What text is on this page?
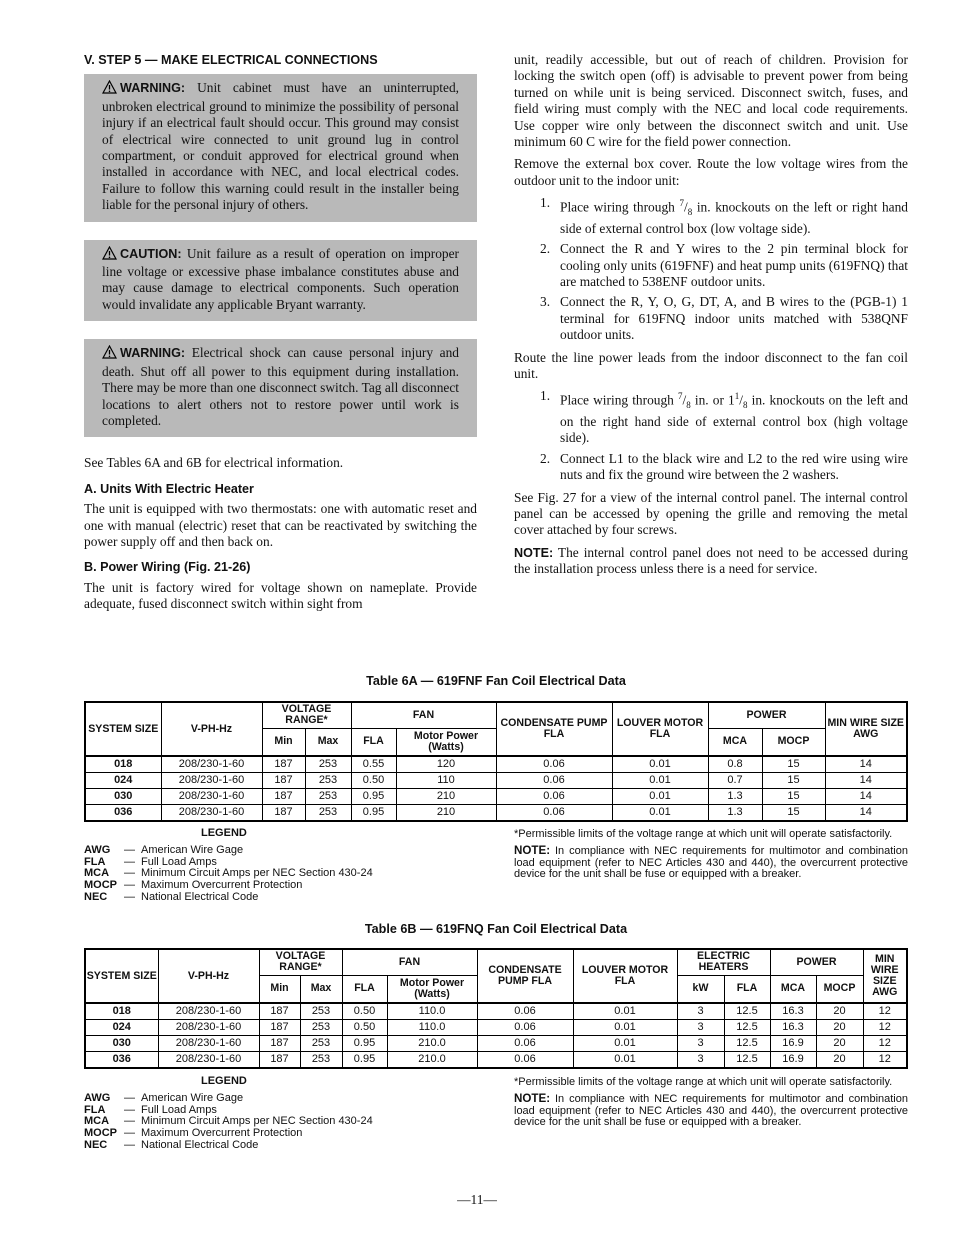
V. STEP 5 — MAKE ELECTRICAL CONNECTIONS
WARNING: Unit cabinet must have an uninterrupted, unbroken electrical ground to minimize the possibility of personal injury if an electrical fault should occur. This ground may consist of electrical wire connected to unit ground lug in control compartment, or conduit approved for electrical ground when installed in accordance with NEC, and local electrical codes. Failure to follow this warning could result in the installer being liable for the personal injury of others.
CAUTION: Unit failure as a result of operation on improper line voltage or excessive phase imbalance constitutes abuse and may cause damage to electrical components. Such operation would invalidate any applicable Bryant warranty.
WARNING: Electrical shock can cause personal injury and death. Shut off all power to this equipment during installation. There may be more than one disconnect switch. Tag all disconnect locations to alert others not to restore power until work is completed.

See Tables 6A and 6B for electrical information.

A. Units With Electric Heater

The unit is equipped with two thermostats: one with automatic reset and one with manual (electric) reset that can be reactivated by switching the power supply off and then back on.

B. Power Wiring (Fig. 21-26)

The unit is factory wired for voltage shown on nameplate. Provide adequate, fused disconnect switch within sight from

unit, readily accessible, but out of reach of children. Provision for locking the switch open (off) is advisable to prevent power from being turned on while unit is being serviced. Disconnect switch, fuses, and field wiring must comply with the NEC and local code requirements. Use copper wire only between the disconnect switch and unit. Use minimum 60 C wire for the field power connection.

Remove the external box cover. Route the low voltage wires from the outdoor unit to the indoor unit:

1. Place wiring through $^7/_8$ in. knockouts on the left or right hand side of external control box (low voltage side).
2. Connect the R and Y wires to the 2 pin terminal block for cooling only units (619FNF) and heat pump units (619FNQ) that are matched to 538ENF outdoor units.
3. Connect the R, Y, O, G, DT, A, and B wires to the (PGB-1) 1 terminal for 619FNQ indoor units matched with 538QNF outdoor units.

Route the line power leads from the indoor disconnect to the fan coil unit.

1. Place wiring through $^7/_8$ in. or $1^1/_8$ in. knockouts on the left and on the right hand side of external control box (high voltage side).
2. Connect L1 to the black wire and L2 to the red wire using wire nuts and fix the ground wire between the 2 washers.

See Fig. 27 for a view of the internal control panel. The internal control panel can be accessed by opening the grille and removing the metal cover attached by four screws.

NOTE: The internal control panel does not need to be accessed during the installation process unless there is a need for service.

Table 6A — 619FNF Fan Coil Electrical Data
SYSTEM SIZE	V-PH-Hz	VOLTAGE RANGE*		FAN		CONDENSATE PUMP FLA	LOUVER MOTOR FLA	POWER		MIN WIRE SIZE AWG
		Min	Max	FLA	Motor Power (Watts)			MCA	MOCP	
018	208/230-1-60	187	253	0.55	120	0.06	0.01	0.8	15	14
024	208/230-1-60	187	253	0.50	110	0.06	0.01	0.7	15	14
030	208/230-1-60	187	253	0.95	210	0.06	0.01	1.3	15	14
036	208/230-1-60	187	253	0.95	210	0.06	0.01	1.3	15	14
LEGEND
AWG	— American Wire Gage
FLA	— Full Load Amps
MCA	— Minimum Circuit Amps per NEC Section 430-24
MOCP — Maximum Overcurrent Protection
NEC	— National Electrical Code

*Permissible limits of the voltage range at which unit will operate satisfactorily.

NOTE: In compliance with NEC requirements for multimotor and combination load equipment (refer to NEC Articles 430 and 440), the overcurrent protective device for the unit shall be fuse or equipped with a breaker.

Table 6B — 619FNQ Fan Coil Electrical Data
SYSTEM SIZE	V-PH-Hz	VOLTAGE RANGE*		FAN		CONDENSATE PUMP FLA	LOUVER MOTOR FLA	ELECTRIC HEATERS		POWER		MIN WIRE SIZE AWG
		Min	Max	FLA	Motor Power (Watts)			kW	FLA	MCA	MOCP	
018	208/230-1-60	187	253	0.50	110.0	0.06	0.01	3	12.5	16.3	20	12
024	208/230-1-60	187	253	0.50	110.0	0.06	0.01	3	12.5	16.3	20	12
030	208/230-1-60	187	253	0.95	210.0	0.06	0.01	3	12.5	16.9	20	12
036	208/230-1-60	187	253	0.95	210.0	0.06	0.01	3	12.5	16.9	20	12
LEGEND
AWG	— American Wire Gage
FLA	— Full Load Amps
MCA	— Minimum Circuit Amps per NEC Section 430-24
MOCP — Maximum Overcurrent Protection
NEC	— National Electrical Code

*Permissible limits of the voltage range at which unit will operate satisfactorily.

NOTE: In compliance with NEC requirements for multimotor and combination load equipment (refer to NEC Articles 430 and 440), the overcurrent protective device for the unit shall be fuse or equipped with a breaker.

—11—
